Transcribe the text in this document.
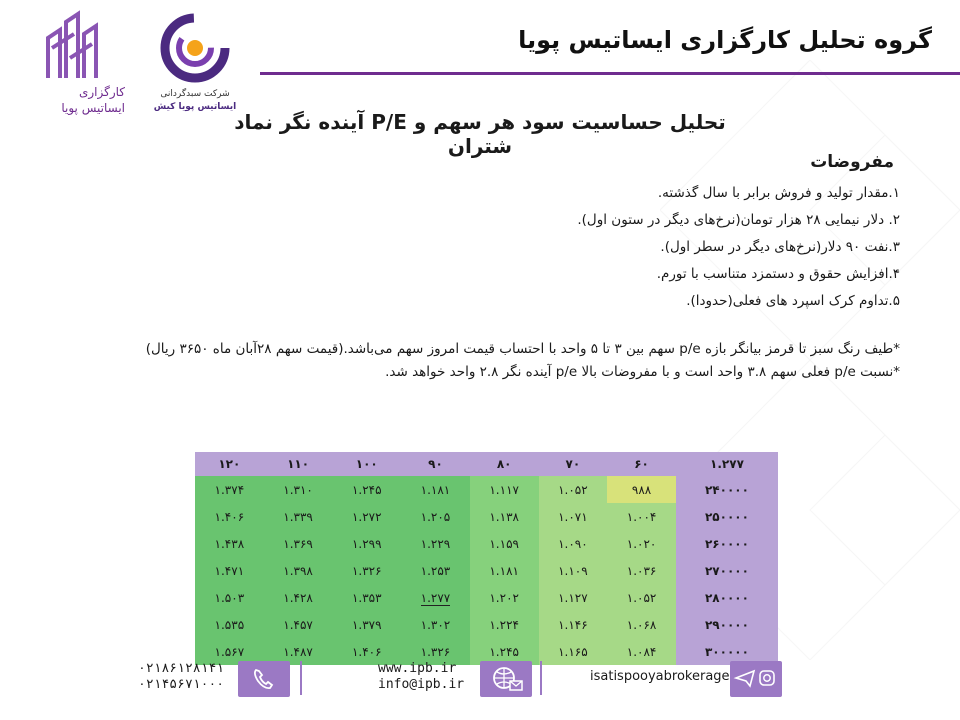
گروه تحلیل کارگزاری ایساتیس پویا
کارگزاری
ایساتیس پویا
شرکت سبدگردانی
ایساتیس پویا کیش
تحلیل حساسیت سود هر سهم و P/E آینده نگر نماد شتران
مفروضات
۱.مقدار تولید و فروش برابر با سال گذشته.
۲. دلار نیمایی ۲۸ هزار تومان(نرخ‌های دیگر در ستون اول).
۳.نفت ۹۰ دلار(نرخ‌های دیگر در سطر اول).
۴.افزایش حقوق و دستمزد متناسب با تورم.
۵.تداوم کرک اسپرد های فعلی(حدودا).
*طیف رنگ سبز تا قرمز بیانگر بازه p/e سهم بین ۳ تا ۵ واحد با احتساب قیمت امروز سهم می‌باشد.(قیمت سهم ۲۸آبان ماه ۳۶۵۰ ریال)
*نسبت p/e فعلی سهم ۳.۸ واحد است و با مفروضات بالا p/e آینده نگر ۲.۸ واحد خواهد شد.
۱۲۰	۱۱۰	۱۰۰	۹۰	۸۰	۷۰	۶۰	۱.۲۷۷
۱.۳۷۴	۱.۳۱۰	۱.۲۴۵	۱.۱۸۱	۱.۱۱۷	۱.۰۵۲	۹۸۸	۲۴۰۰۰۰
۱.۴۰۶	۱.۳۳۹	۱.۲۷۲	۱.۲۰۵	۱.۱۳۸	۱.۰۷۱	۱.۰۰۴	۲۵۰۰۰۰
۱.۴۳۸	۱.۳۶۹	۱.۲۹۹	۱.۲۲۹	۱.۱۵۹	۱.۰۹۰	۱.۰۲۰	۲۶۰۰۰۰
۱.۴۷۱	۱.۳۹۸	۱.۳۲۶	۱.۲۵۳	۱.۱۸۱	۱.۱۰۹	۱.۰۳۶	۲۷۰۰۰۰
۱.۵۰۳	۱.۴۲۸	۱.۳۵۳	۱.۲۷۷	۱.۲۰۲	۱.۱۲۷	۱.۰۵۲	۲۸۰۰۰۰
۱.۵۳۵	۱.۴۵۷	۱.۳۷۹	۱.۳۰۲	۱.۲۲۴	۱.۱۴۶	۱.۰۶۸	۲۹۰۰۰۰
۱.۵۶۷	۱.۴۸۷	۱.۴۰۶	۱.۳۲۶	۱.۲۴۵	۱.۱۶۵	۱.۰۸۴	۳۰۰۰۰۰
۰۲۱۸۶۱۲۸۱۴۱
۰۲۱۴۵۶۷۱۰۰۰
www.ipb.ir
info@ipb.ir
isatispooyabrokerage
